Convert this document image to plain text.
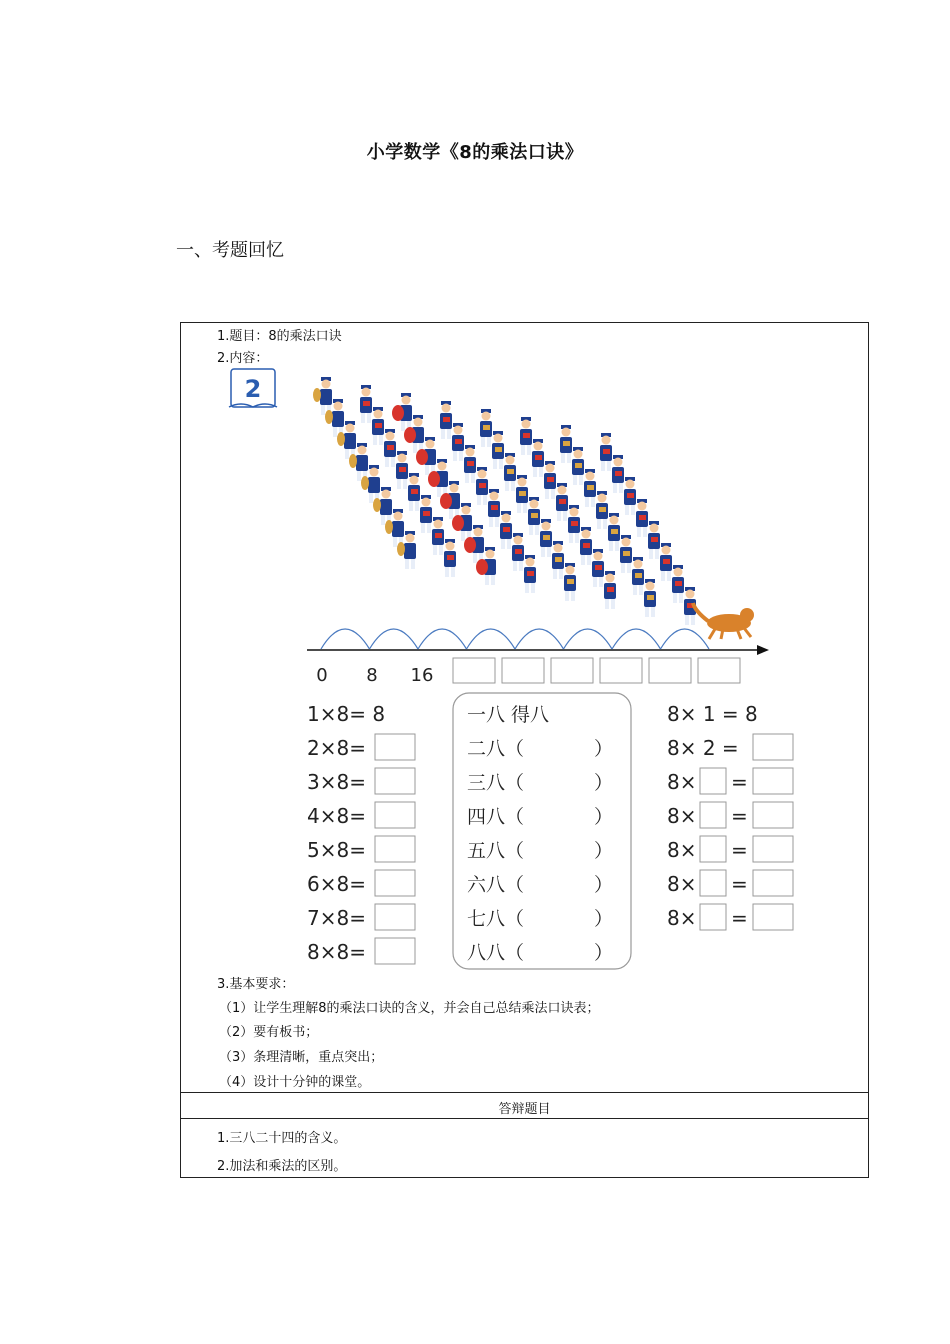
小学数学《8的乘法口诀》
一、考题回忆
1.题目：8的乘法口诀
2.内容：
2
0 8 16
1×8= 8
2×8=
3×8=
4×8=
5×8=
6×8=
7×8=
8×8=
一八 得八
二八（	）
三八（	）
四八（	）
五八（	）
六八（	）
七八（	）
八八（	）
8× 1 = 8
8× 2 =
8× =
8× =
8× =
8× =
8× =
3.基本要求：
（1）让学生理解8的乘法口诀的含义，并会自己总结乘法口诀表；
（2）要有板书；
（3）条理清晰，重点突出；
（4）设计十分钟的课堂。
答辩题目
1.三八二十四的含义。
2.加法和乘法的区别。
